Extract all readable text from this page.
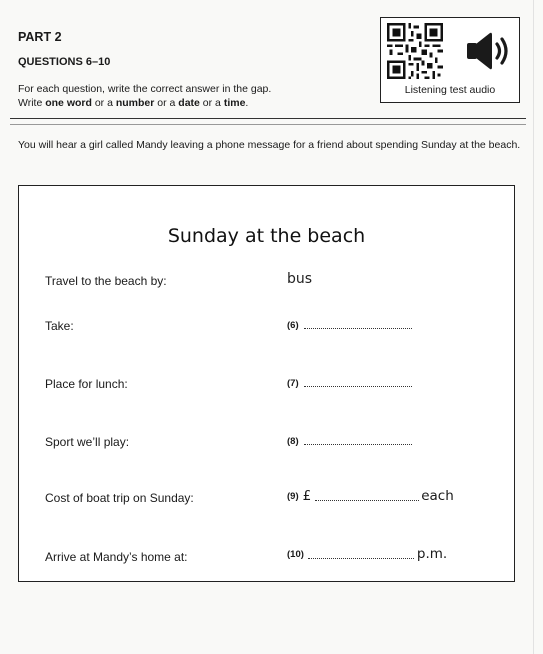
PART 2
QUESTIONS 6–10
For each question, write the correct answer in the gap.
Write one word or a number or a date or a time.
Listening test audio
You will hear a girl called Mandy leaving a phone message for a friend about spending Sunday at the beach.
Sunday at the beach
Travel to the beach by:	bus
Take:	(6)
Place for lunch:	(7)
Sport we’ll play:	(8)
Cost of boat trip on Sunday:	(9) £	each
Arrive at Mandy’s home at:	(10)	p.m.
